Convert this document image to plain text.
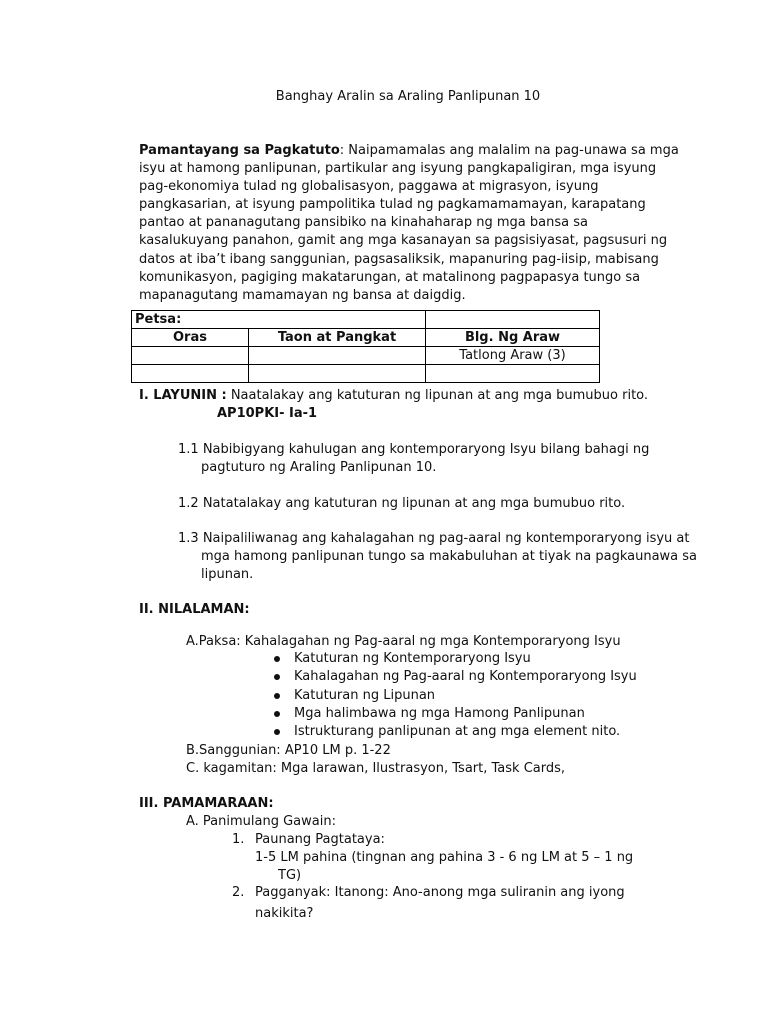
Banghay Aralin sa Araling Panlipunan 10
Pamantayang sa Pagkatuto: Naipamamalas ang malalim na pag-unawa sa mga isyu at hamong panlipunan, partikular ang isyung pangkapaligiran, mga isyung pag-ekonomiya tulad ng globalisasyon, paggawa at migrasyon, isyung pangkasarian, at isyung pampolitika tulad ng pagkamamamayan, karapatang pantao at pananagutang pansibiko na kinahaharap ng mga bansa sa kasalukuyang panahon, gamit ang mga kasanayan sa pagsisiyasat, pagsusuri ng datos at iba’t ibang sanggunian, pagsasaliksik, mapanuring pag-iisip, mabisang komunikasyon, pagiging makatarungan, at matalinong pagpapasya tungo sa mapanagutang mamamayan ng bansa at daigdig.
Petsa:		
Oras	Taon at Pangkat	Blg. Ng Araw
		Tatlong Araw (3)

I. LAYUNIN : Naatalakay ang katuturan ng lipunan at ang mga bumubuo rito.
AP10PKI- Ia-1
1.1 Nabibigyang kahulugan ang kontemporaryong Isyu bilang bahagi ng
pagtuturo ng Araling Panlipunan 10.
1.2 Natatalakay ang katuturan ng lipunan at ang mga bumubuo rito.
1.3 Naipaliliwanag ang kahalagahan ng pag-aaral ng kontemporaryong isyu at
mga hamong panlipunan tungo sa makabuluhan at tiyak na pagkaunawa sa
lipunan.
II. NILALAMAN:
A.Paksa: Kahalagahan ng Pag-aaral ng mga Kontemporaryong Isyu
Katuturan ng Kontemporaryong Isyu
Kahalagahan ng Pag-aaral ng Kontemporaryong Isyu
Katuturan ng Lipunan
Mga halimbawa ng mga Hamong Panlipunan
Istrukturang panlipunan at ang mga element nito.
B.Sanggunian: AP10 LM p. 1-22
C. kagamitan: Mga larawan, Ilustrasyon, Tsart, Task Cards,
III. PAMAMARAAN:
A. Panimulang Gawain:
1. Paunang Pagtataya:
1-5 LM pahina (tingnan ang pahina 3 - 6 ng LM at 5 – 1 ng
TG)
2. Pagganyak: Itanong: Ano-anong mga suliranin ang iyong
nakikita?
